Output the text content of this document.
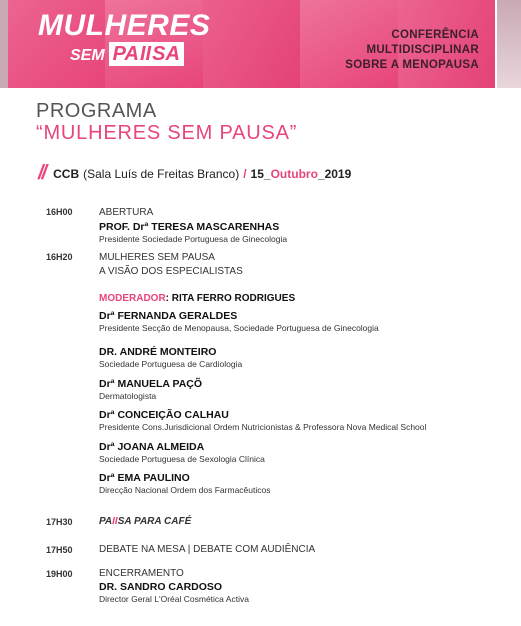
MULHERES
SEM PA II SA
CONFERÊNCIA MULTIDISCIPLINAR
SOBRE A MENOPAUSA
PROGRAMA
“MULHERES SEM PAUSA”
// CCB (Sala Luís de Freitas Branco) / 15_ Outubro _2019
16H00	ABERTURA
PROF. Drª TERESA MASCARENHAS
Presidente Sociedade Portuguesa de Ginecologia
16H20	MULHERES SEM PAUSA
A VISÃO DOS ESPECIALISTAS
MODERADOR: RITA FERRO RODRIGUES
Drª FERNANDA GERALDES
Presidente Secção de Menopausa, Sociedade Portuguesa de Ginecologia
DR. ANDRÉ MONTEIRO
Sociedade Portuguesa de Cardiologia
Drª MANUELA PAÇÕ
Dermatologista
Drª CONCEIÇÃO CALHAU
Presidente Cons.Jurisdicional Ordem Nutricionistas & Professora Nova Medical School
Drª JOANA ALMEIDA
Sociedade Portuguesa de Sexologia Clínica
Drª EMA PAULINO
Direcção Nacional Ordem dos Farmacêuticos
17H30	PAIISA PARA CAFÉ
17H50	DEBATE NA MESA | DEBATE COM AUDIÊNCIA
19H00	ENCERRAMENTO
DR. SANDRO CARDOSO
Director Geral L'Oréal Cosmética Activa
